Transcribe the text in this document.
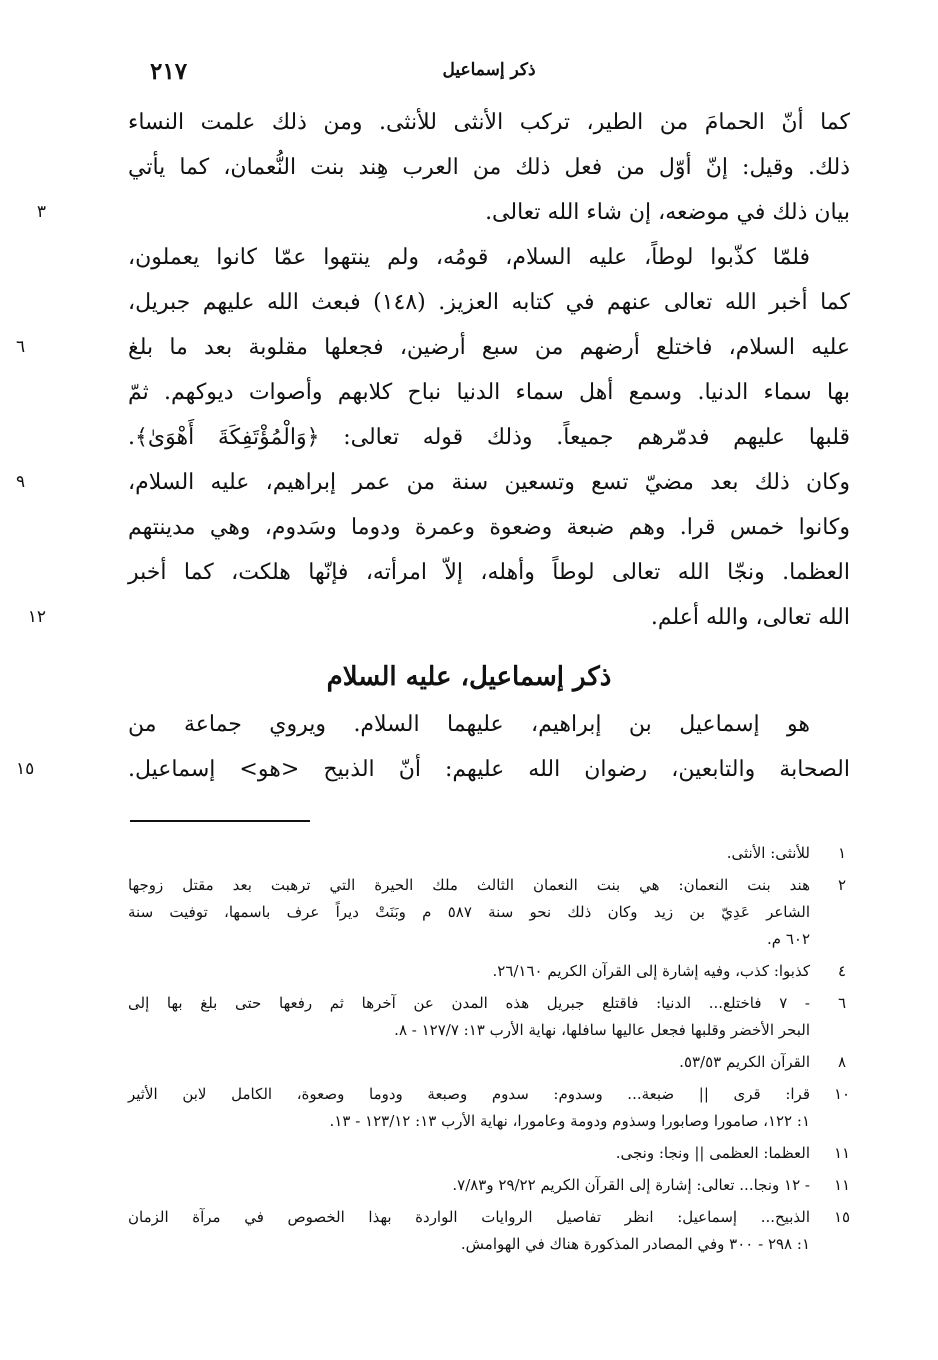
٢١٧	ذكر إسماعيل
كما أنّ الحمامَ من الطير، تركب الأنثى للأنثى. ومن ذلك علمت النساء
ذلك. وقيل: إنّ أوّل من فعل ذلك من العرب هِند بنت النُّعمان، كما يأتي
بيان ذلك في موضعه، إن شاء الله تعالى.
٣
فلمّا كذّبوا لوطاً، عليه السلام، قومُه، ولم ينتهوا عمّا كانوا يعملون،
كما أخبر الله تعالى عنهم في كتابه العزيز. (١٤٨) فبعث الله عليهم جبريل،
عليه السلام، فاختلع أرضهم من سبع أرضين، فجعلها مقلوبة بعد ما بلغ
٦
بها سماء الدنيا. وسمع أهل سماء الدنيا نباح كلابهم وأصوات ديوكهم. ثمّ
قلبها عليهم فدمّرهم جميعاً. وذلك قوله تعالى: ﴿وَالْمُؤْتَفِكَةَ أَهْوَىٰ﴾.
وكان ذلك بعد مضيّ تسع وتسعين سنة من عمر إبراهيم، عليه السلام،
٩
وكانوا خمس قرا. وهم ضبعة وضعوة وعمرة ودوما وسَدوم، وهي مدينتهم
العظما. ونجّا الله تعالى لوطاً وأهله، إلاّ امرأته، فإنّها هلكت، كما أخبر
الله تعالى، والله أعلم.
١٢
ذكر إسماعيل، عليه السلام
هو إسماعيل بن إبراهيم، عليهما السلام. ويروي جماعة من
الصحابة والتابعين، رضوان الله عليهم: أنّ الذبيح <هو> إسماعيل.
١٥
١
للأنثى: الأنثى.
٢
هند بنت النعمان: هي بنت النعمان الثالث ملك الحيرة التي ترهبت بعد مقتل زوجها
الشاعر عَدِيّ بن زيد وكان ذلك نحو سنة ٥٨٧ م وبَنَتْ ديراً عرف باسمها، توفيت سنة
٦٠٢ م.
٤
كذبوا: كذب، وفيه إشارة إلى القرآن الكريم ٢٦/١٦٠.
٦
- ٧ فاختلع... الدنيا: فاقتلع جبريل هذه المدن عن آخرها ثم رفعها حتى بلغ بها إلى
البحر الأخضر وقلبها فجعل عاليها سافلها، نهاية الأرب ١٣: ١٢٧/٧ - ٨.
٨
القرآن الكريم ٥٣/٥٣.
١٠
قرا: قرى || ضبعة... وسدوم: سدوم وصبعة ودوما وصعوة، الكامل لابن الأثير
١: ١٢٢، صامورا وصابورا وسذوم ودومة وعامورا، نهاية الأرب ١٣: ١٢٣/١٢ - ١٣.
١١
العظما: العظمى || ونجا: ونجى.
١١
- ١٢ ونجا... تعالى: إشارة إلى القرآن الكريم ٢٩/٢٢ و٧/٨٣.
١٥
الذبيح... إسماعيل: انظر تفاصيل الروايات الواردة بهذا الخصوص في مرآة الزمان
١: ٢٩٨ - ٣٠٠ وفي المصادر المذكورة هناك في الهوامش.
